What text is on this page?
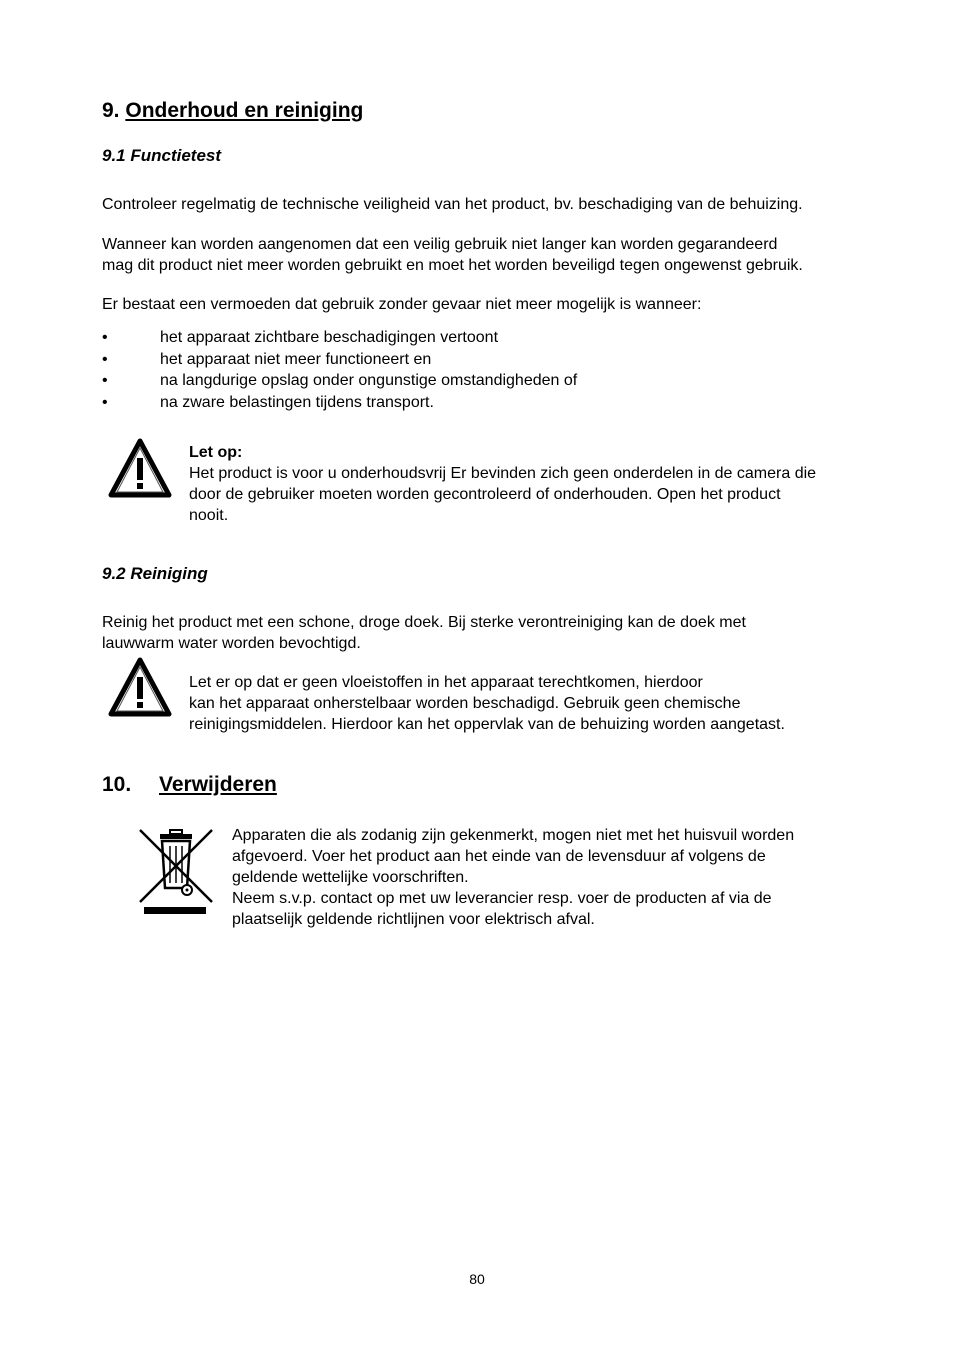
9. Onderhoud en reiniging
9.1 Functietest
Controleer regelmatig de technische veiligheid van het product, bv. beschadiging van de behuizing.
Wanneer kan worden aangenomen dat een veilig gebruik niet langer kan worden gegarandeerd
mag dit product niet meer worden gebruikt en moet het worden beveiligd tegen ongewenst gebruik.
Er bestaat een vermoeden dat gebruik zonder gevaar niet meer mogelijk is wanneer:
•	het apparaat zichtbare beschadigingen vertoont
•	het apparaat niet meer functioneert en
•	na langdurige opslag onder ongunstige omstandigheden of
•	na zware belastingen tijdens transport.
Let op:
Het product is voor u onderhoudsvrij Er bevinden zich geen onderdelen in de camera die
door de gebruiker moeten worden gecontroleerd of onderhouden. Open het product
nooit.
9.2 Reiniging
Reinig het product met een schone, droge doek. Bij sterke verontreiniging kan de doek met
lauwwarm water worden bevochtigd.
Let er op dat er geen vloeistoffen in het apparaat terechtkomen, hierdoor
kan het apparaat onherstelbaar worden beschadigd. Gebruik geen chemische
reinigingsmiddelen. Hierdoor kan het oppervlak van de behuizing worden aangetast.
10. Verwijderen
Apparaten die als zodanig zijn gekenmerkt, mogen niet met het huisvuil worden
afgevoerd. Voer het product aan het einde van de levensduur af volgens de
geldende wettelijke voorschriften.
Neem s.v.p. contact op met uw leverancier resp. voer de producten af via de
plaatselijk geldende richtlijnen voor elektrisch afval.
80
